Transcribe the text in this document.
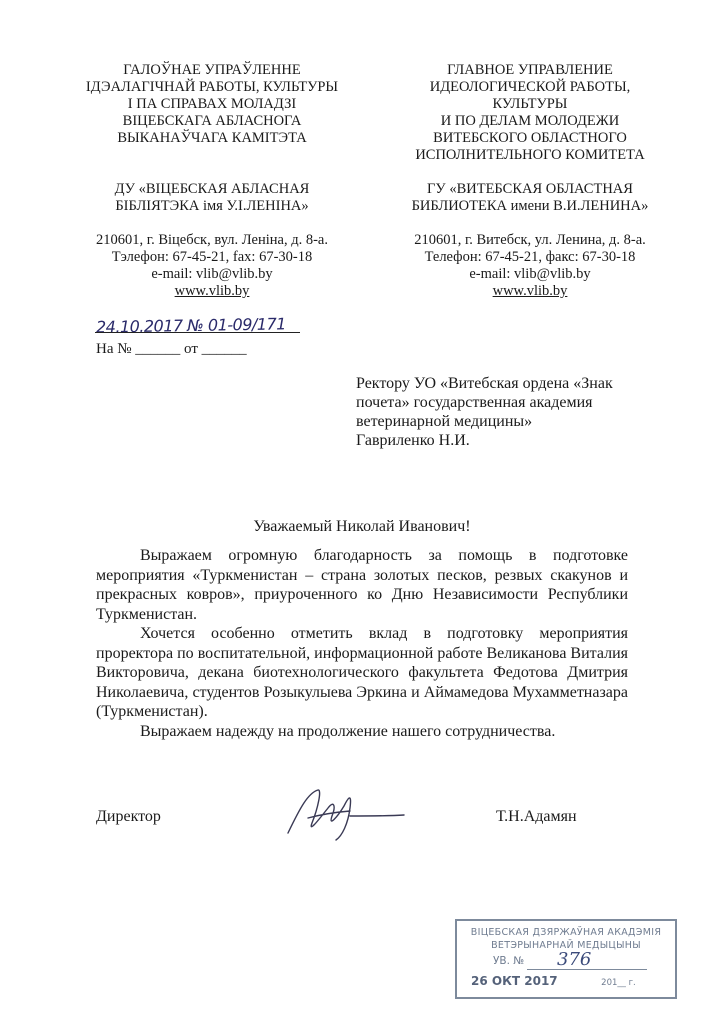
ГАЛОЎНАЕ УПРАЎЛЕННЕ
ІДЭАЛАГІЧНАЙ РАБОТЫ, КУЛЬТУРЫ
І ПА СПРАВАХ МОЛАДЗІ
ВІЦЕБСКАГА АБЛАСНОГА
ВЫКАНАЎЧАГА КАМІТЭТА
ДУ «ВІЦЕБСКАЯ АБЛАСНАЯ
БІБЛІЯТЭКА імя У.І.ЛЕНІНА»
210601, г. Віцебск, вул. Леніна, д. 8-а.
Тэлефон: 67-45-21, fax: 67-30-18
e-mail: vlib@vlib.by
www.vlib.by
ГЛАВНОЕ УПРАВЛЕНИЕ
ИДЕОЛОГИЧЕСКОЙ РАБОТЫ,
КУЛЬТУРЫ
И ПО ДЕЛАМ МОЛОДЕЖИ
ВИТЕБСКОГО ОБЛАСТНОГО
ИСПОЛНИТЕЛЬНОГО КОМИТЕТА
ГУ «ВИТЕБСКАЯ ОБЛАСТНАЯ
БИБЛИОТЕКА имени В.И.ЛЕНИНА»
210601, г. Витебск, ул. Ленина, д. 8-а.
Телефон: 67-45-21, факс: 67-30-18
e-mail: vlib@vlib.by
www.vlib.by
24.10.2017 № 01-09/171
На № ______ от ______
Ректору УО «Витебская ордена «Знак
почета» государственная академия
ветеринарной медицины»
Гавриленко Н.И.
Уважаемый Николай Иванович!

Выражаем огромную благодарность за помощь в подготовке мероприятия «Туркменистан – страна золотых песков, резвых скакунов и прекрасных ковров», приуроченного ко Дню Независимости Республики Туркменистан.

Хочется особенно отметить вклад в подготовку мероприятия проректора по воспитательной, информационной работе Великанова Виталия Викторовича, декана биотехнологического факультета Федотова Дмитрия Николаевича, студентов Розыкулыева Эркина и Аймамедова Мухамметназара (Туркменистан).

Выражаем надежду на продолжение нашего сотрудничества.

Директор	Т.Н.Адамян
ВІЦЕБСКАЯ ДЗЯРЖАЎНАЯ АКАДЭМІЯ
ВЕТЭРЫНАРНАЙ МЕДЫЦЫНЫ
УВ. № 376
26 ОКТ 2017	201__ г.
